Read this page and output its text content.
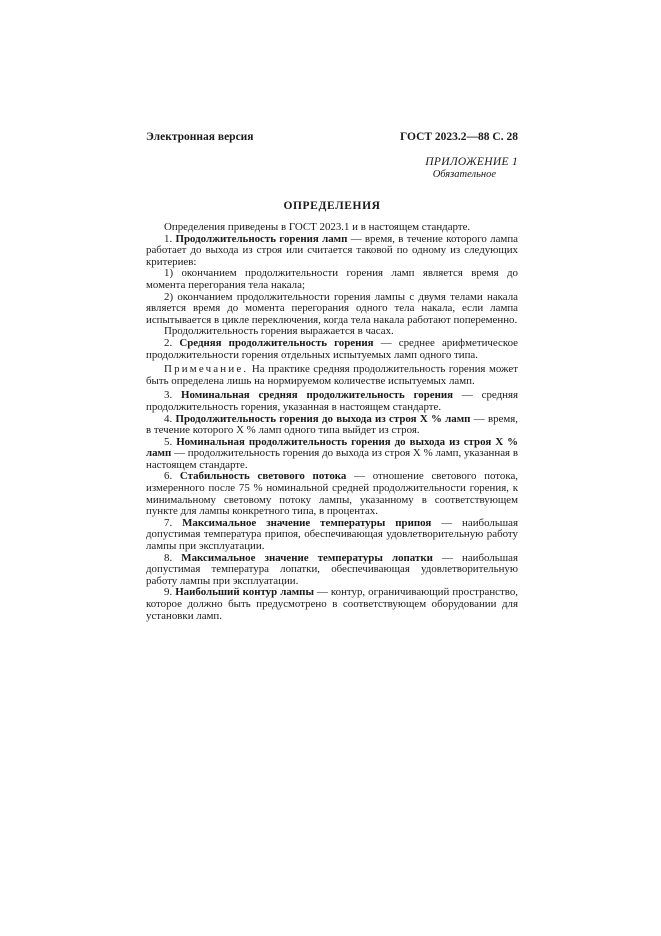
Электронная версия	ГОСТ 2023.2—88 С. 28
ПРИЛОЖЕНИЕ 1
Обязательное
ОПРЕДЕЛЕНИЯ

Определения приведены в ГОСТ 2023.1 и в настоящем стандарте.

1. Продолжительность горения ламп — время, в течение которого лампа работает до выхода из строя или считается таковой по одному из следующих критериев:

1) окончанием продолжительности горения ламп является время до момента перегорания тела накала;

2) окончанием продолжительности горения лампы с двумя телами накала является время до момента перегорания одного тела накала, если лампа испытывается в цикле переключения, когда тела накала работают попеременно.

Продолжительность горения выражается в часах.

2. Средняя продолжительность горения — среднее арифметическое продолжительности горения отдельных испытуемых ламп одного типа.

Примечание. На практике средняя продолжительность горения может быть определена лишь на нормируемом количестве испытуемых ламп.

3. Номинальная средняя продолжительность горения — средняя продолжительность горения, указанная в настоящем стандарте.

4. Продолжительность горения до выхода из строя X % ламп — время, в течение которого X % ламп одного типа выйдет из строя.

5. Номинальная продолжительность горения до выхода из строя X % ламп — продолжительность горения до выхода из строя X % ламп, указанная в настоящем стандарте.

6. Стабильность светового потока — отношение светового потока, измеренного после 75 % номинальной средней продолжительности горения, к минимальному световому потоку лампы, указанному в соответствующем пункте для лампы конкретного типа, в процентах.

7. Максимальное значение температуры припоя — наибольшая допустимая температура припоя, обеспечивающая удовлетворительную работу лампы при эксплуатации.

8. Максимальное значение температуры лопатки — наибольшая допустимая температура лопатки, обеспечивающая удовлетворительную работу лампы при эксплуатации.

9. Наибольший контур лампы — контур, ограничивающий пространство, которое должно быть предусмотрено в соответствующем оборудовании для установки ламп.
